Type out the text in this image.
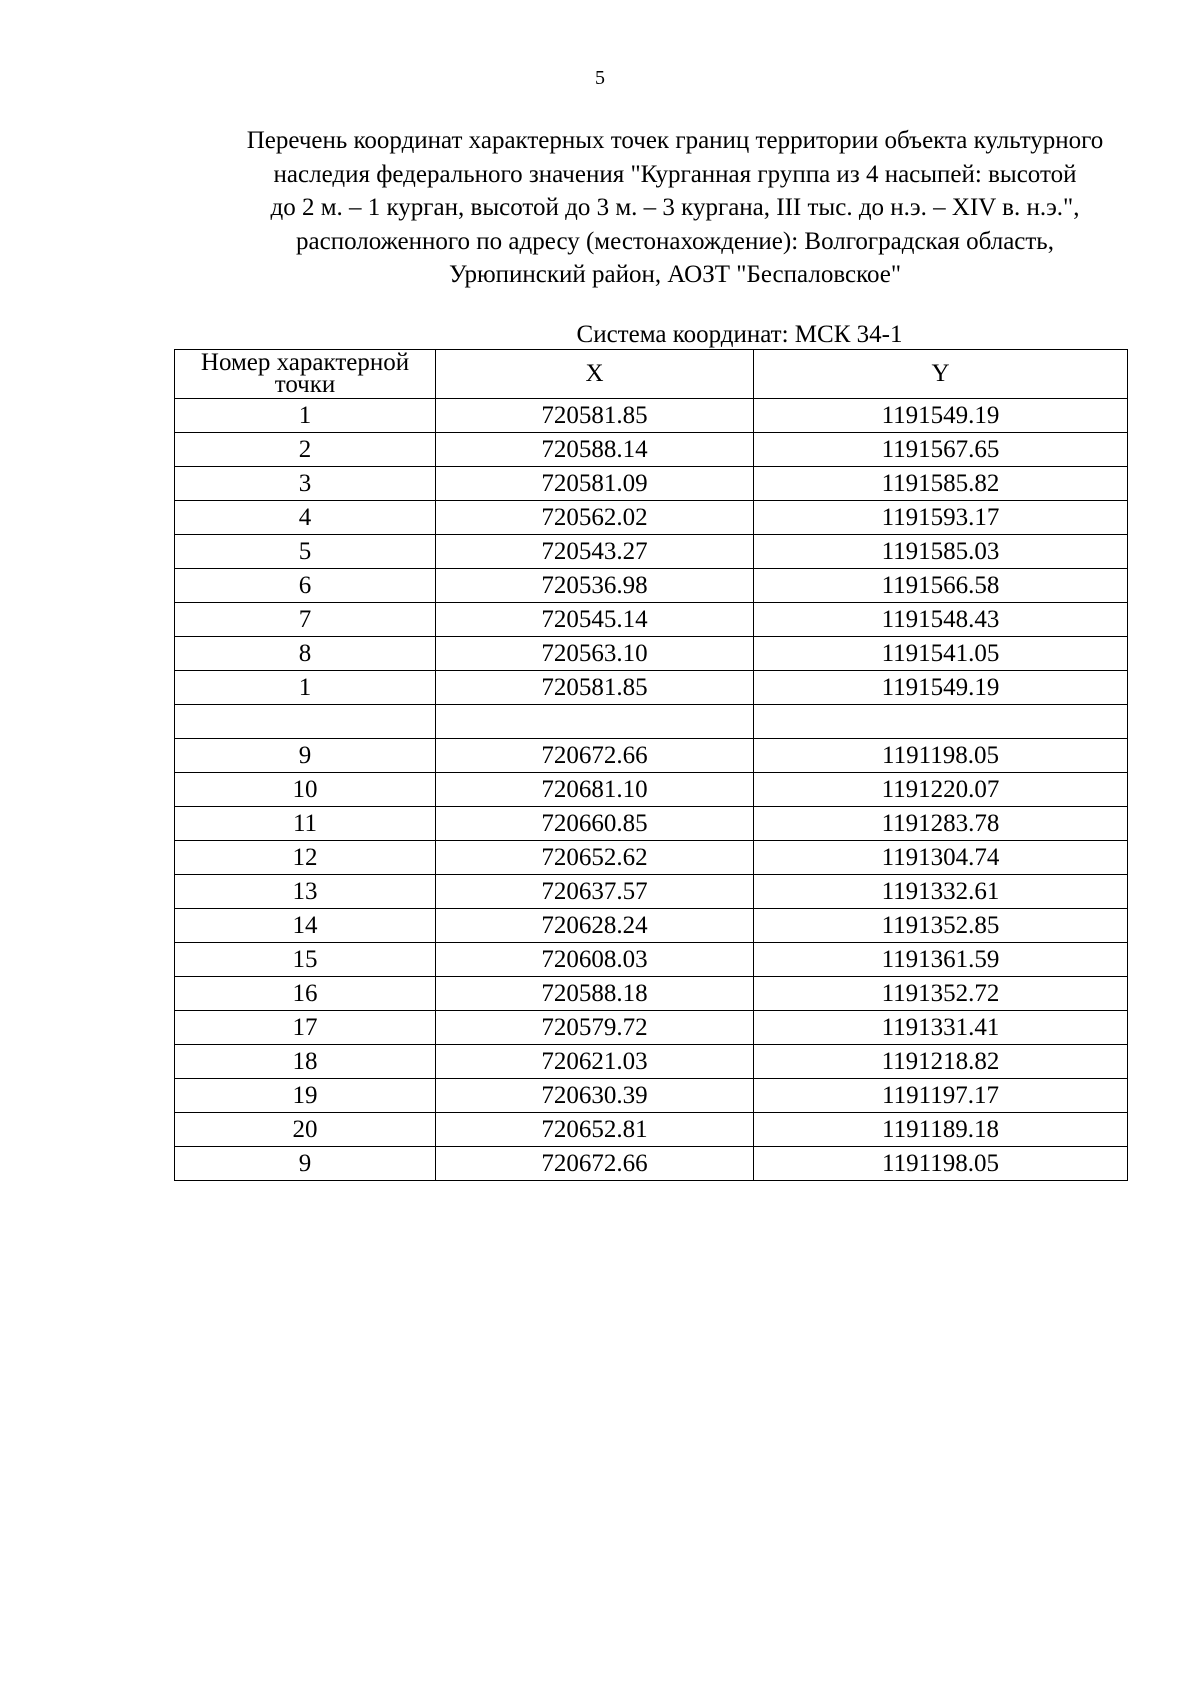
5
Перечень координат характерных точек границ территории объекта культурного
наследия федерального значения "Курганная группа из 4 насыпей: высотой
до 2 м. – 1 курган, высотой до 3 м. – 3 кургана, III тыс. до н.э. – XIV в. н.э.",
расположенного по адресу (местонахождение): Волгоградская область,
Урюпинский район, АОЗТ "Беспаловское"
Система координат: МСК 34-1
Номер характерной точки	X	Y
1	720581.85	1191549.19
2	720588.14	1191567.65
3	720581.09	1191585.82
4	720562.02	1191593.17
5	720543.27	1191585.03
6	720536.98	1191566.58
7	720545.14	1191548.43
8	720563.10	1191541.05
1	720581.85	1191549.19

9	720672.66	1191198.05
10	720681.10	1191220.07
11	720660.85	1191283.78
12	720652.62	1191304.74
13	720637.57	1191332.61
14	720628.24	1191352.85
15	720608.03	1191361.59
16	720588.18	1191352.72
17	720579.72	1191331.41
18	720621.03	1191218.82
19	720630.39	1191197.17
20	720652.81	1191189.18
9	720672.66	1191198.05
